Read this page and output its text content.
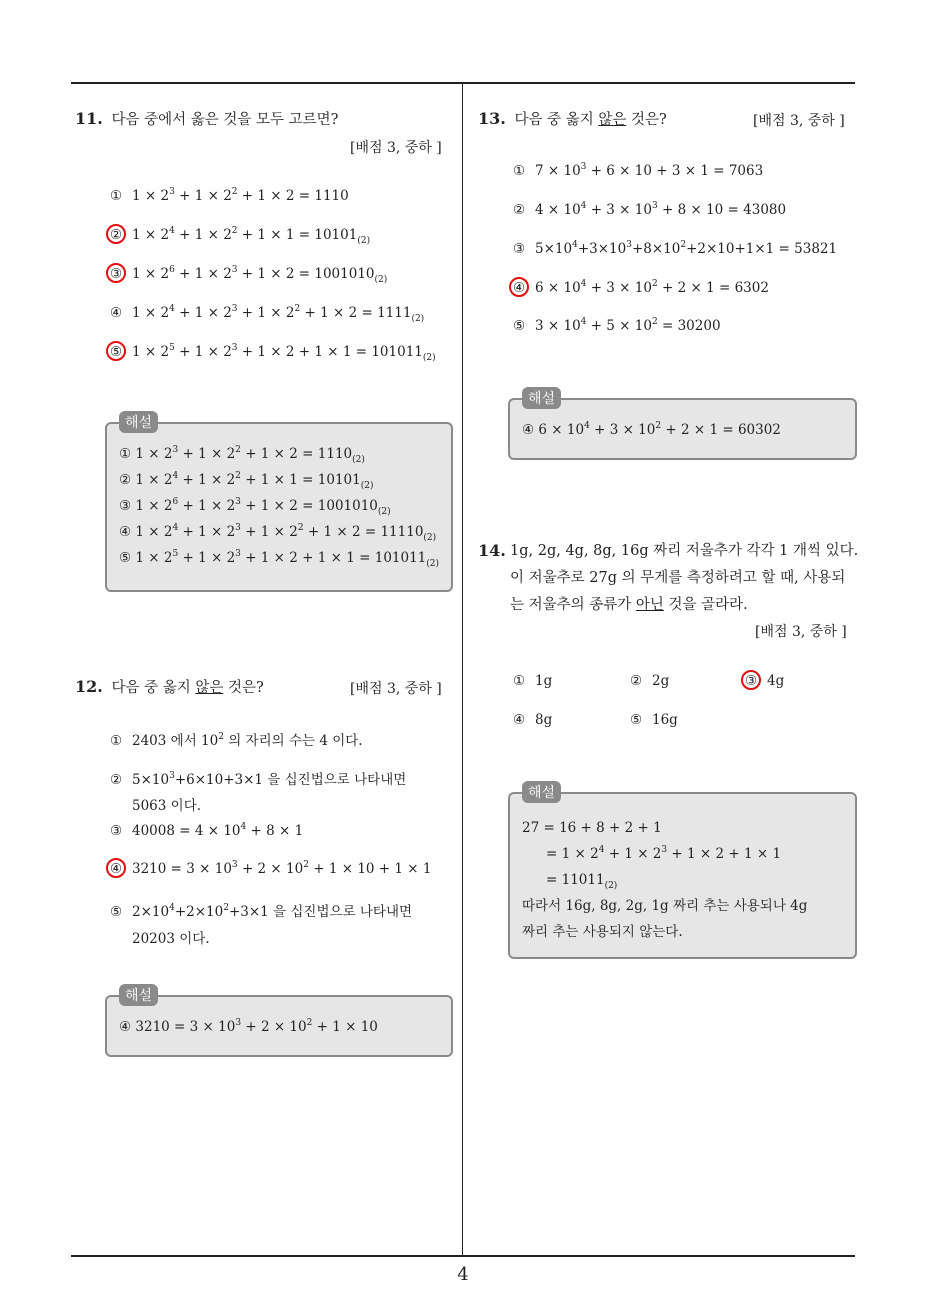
4
11. 다음 중에서 옳은 것을 모두 고르면?
[배점 3, 중하 ]
① $1 \times 2^3 + 1 \times 2^2 + 1 \times 2 = 1110$
② $1 \times 2^4 + 1 \times 2^2 + 1 \times 1 = 10101_{(2)}$
③ $1 \times 2^6 + 1 \times 2^3 + 1 \times 2 = 1001010_{(2)}$
④ $1 \times 2^4 + 1 \times 2^3 + 1 \times 2^2 + 1 \times 2 = 1111_{(2)}$
⑤ $1 \times 2^5 + 1 \times 2^3 + 1 \times 2 + 1 \times 1 = 101011_{(2)}$
해설
① $1 \times 2^3 + 1 \times 2^2 + 1 \times 2 = 1110_{(2)}$
② $1 \times 2^4 + 1 \times 2^2 + 1 \times 1 = 10101_{(2)}$
③ $1 \times 2^6 + 1 \times 2^3 + 1 \times 2 = 1001010_{(2)}$
④ $1 \times 2^4 + 1 \times 2^3 + 1 \times 2^2 + 1 \times 2 = 11110_{(2)}$
⑤ $1 \times 2^5 + 1 \times 2^3 + 1 \times 2 + 1 \times 1 = 101011_{(2)}$
12. 다음 중 옳지 않은 것은?	[배점 3, 중하 ]
① 2403 에서 $10^2$ 의 자리의 수는 4 이다.
② $5\times 10^3+6\times 10+3\times 1$ 을 십진법으로 나타내면
5063 이다.
③ $40008 = 4 \times 10^4 + 8 \times 1$
④ $3210 = 3 \times 10^3 + 2 \times 10^2 + 1 \times 10 + 1 \times 1$
⑤ $2\times 10^4+2\times 10^2+3\times 1$ 을 십진법으로 나타내면
20203 이다.
해설
④ $3210 = 3 \times 10^3 + 2 \times 10^2 + 1 \times 10$
13. 다음 중 옳지 않은 것은?	[배점 3, 중하 ]
① $7 \times 10^3 + 6 \times 10 + 3 \times 1 = 7063$
② $4 \times 10^4 + 3 \times 10^3 + 8 \times 10 = 43080$
③ $5\times 10^4+3\times 10^3+8\times 10^2+2\times 10+1\times 1 = 53821$
④ $6 \times 10^4 + 3 \times 10^2 + 2 \times 1 = 6302$
⑤ $3 \times 10^4 + 5 \times 10^2 = 30200$
해설
④ $6 \times 10^4 + 3 \times 10^2 + 2 \times 1 = 60302$
14. 1g, 2g, 4g, 8g, 16g 짜리 저울추가 각각 1 개씩 있다.
이 저울추로 27g 의 무게를 측정하려고 할 때, 사용되
는 저울추의 종류가 아닌 것을 골라라.
[배점 3, 중하 ]
① 1g	② 2g	③ 4g
④ 8g	⑤ 16g
해설
27 = 16 + 8 + 2 + 1
= $1 \times 2^4 + 1 \times 2^3 + 1 \times 2 + 1 \times 1$
= $11011_{(2)}$
따라서 16g, 8g, 2g, 1g 짜리 추는 사용되나 4g
짜리 추는 사용되지 않는다.
